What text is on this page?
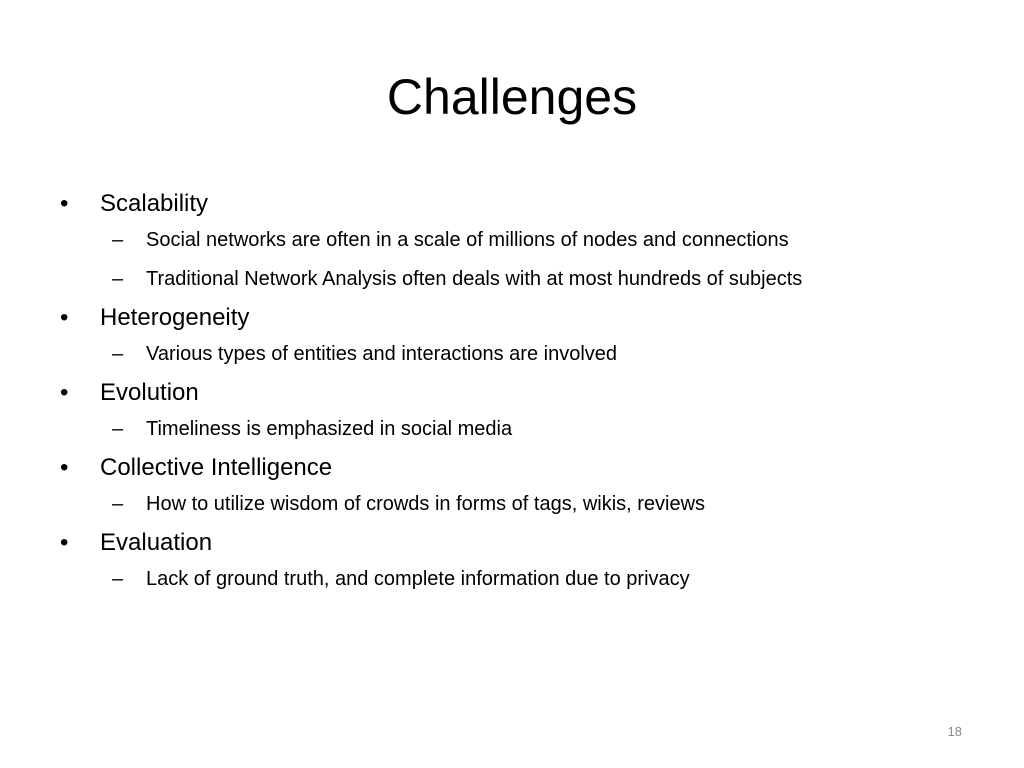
Challenges
•	Scalability
–	Social networks are often in a scale of millions of nodes and connections
–	Traditional Network Analysis often deals with at most hundreds of subjects
•	Heterogeneity
–	Various types of entities and interactions are involved
•	Evolution
–	Timeliness is emphasized in social media
•	Collective Intelligence
–	How to utilize wisdom of crowds in forms of tags, wikis, reviews
•	Evaluation
–	Lack of ground truth, and complete information due to privacy
18
